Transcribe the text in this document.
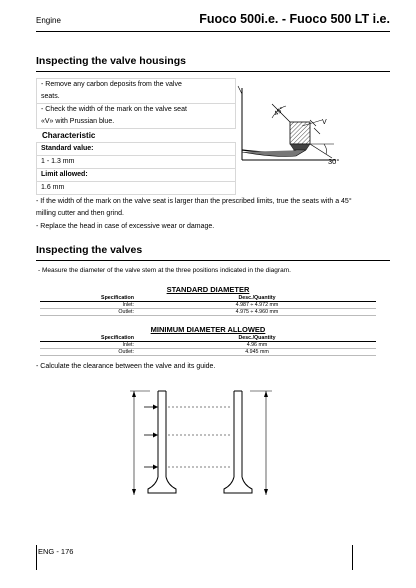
Engine	Fuoco 500i.e. - Fuoco 500 LT i.e.
Inspecting the valve housings
- Remove any carbon deposits from the valve
seats.
- Check the width of the mark on the valve seat
«V» with Prussian blue.
Characteristic
Standard value:
1 - 1.3 mm
Limit allowed:
1.6 mm
V
45°
30°
- If the width of the mark on the valve seat is larger than the prescribed limits, true the seats with a 45°
milling cutter and then grind.
- Replace the head in case of excessive wear or damage.
Inspecting the valves
- Measure the diameter of the valve stem at the three positions indicated in the diagram.
STANDARD DIAMETER
Specification	Desc./Quantity
Inlet:	4.987 ÷ 4.972 mm
Outlet:	4.975 ÷ 4.960 mm
MINIMUM DIAMETER ALLOWED
Specification	Desc./Quantity
Inlet:	4.96 mm
Outlet:	4.945 mm
- Calculate the clearance between the valve and its guide.
ENG - 176
